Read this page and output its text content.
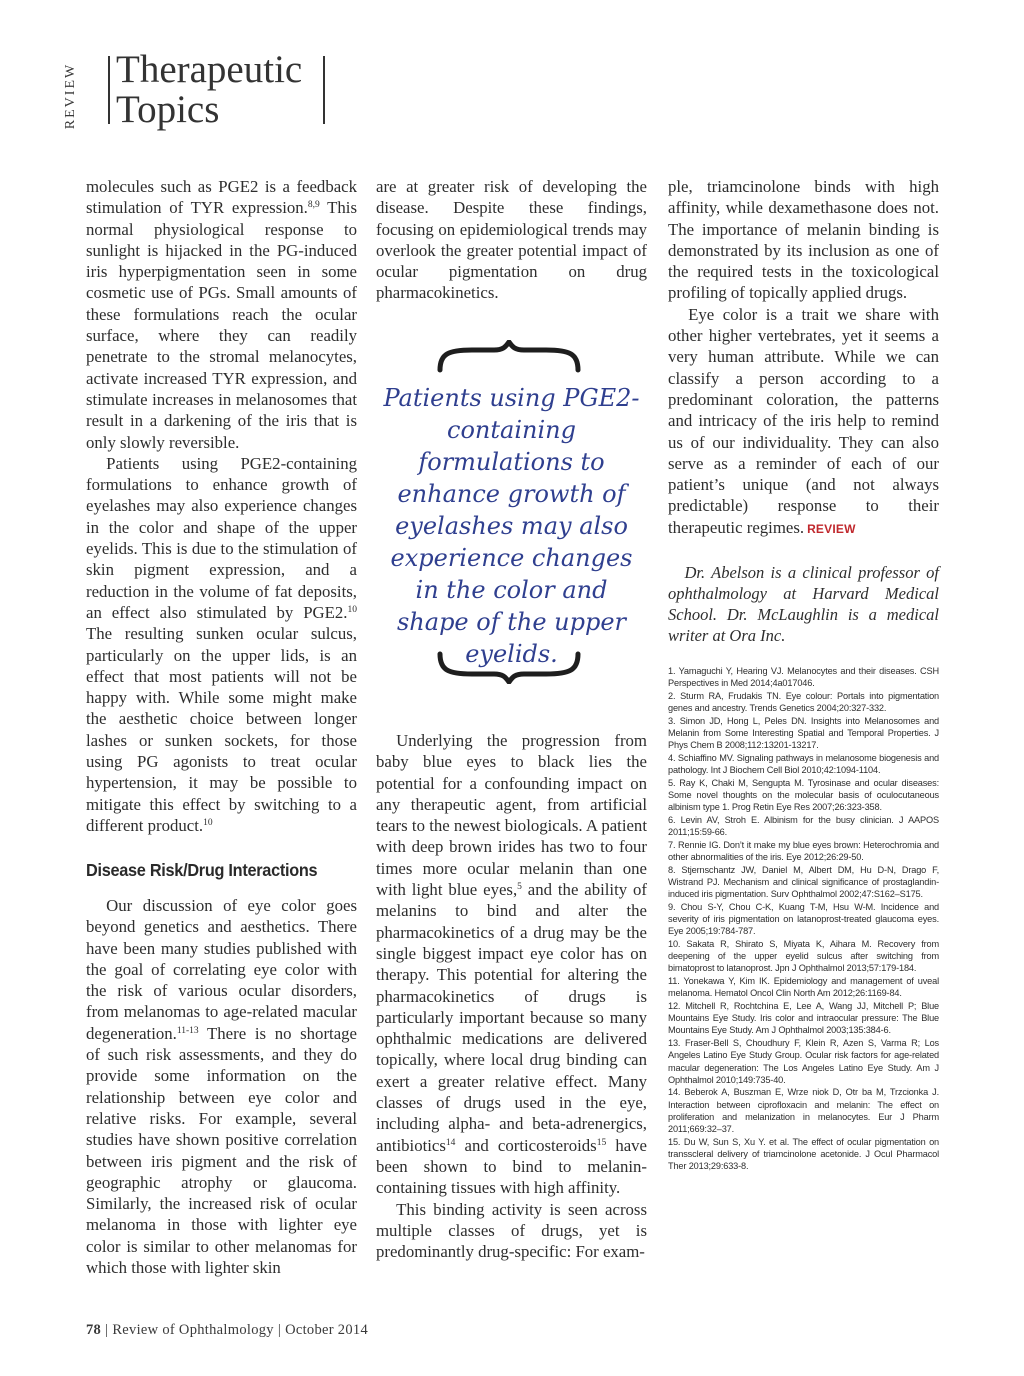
REVIEW Therapeutic
Topics

molecules such as PGE2 is a feedback stimulation of TYR expression.$^{8,9}$ This normal physiological response to sunlight is hijacked in the PG-induced iris hyperpigmentation seen in some cosmetic use of PGs. Small amounts of these formulations reach the ocular surface, where they can readily penetrate to the stromal melanocytes, activate increased TYR expression, and stimulate increases in melanosomes that result in a darkening of the iris that is only slowly reversible.

Patients using PGE2-containing formulations to enhance growth of eyelashes may also experience changes in the color and shape of the upper eyelids. This is due to the stimulation of skin pigment expression, and a reduction in the volume of fat deposits, an effect also stimulated by PGE2.10 The resulting sunken ocular sulcus, particularly on the upper lids, is an effect that most patients will not be happy with. While some might make the aesthetic choice between longer lashes or sunken sockets, for those using PG agonists to treat ocular hypertension, it may be possible to mitigate this effect by switching to a different product.$^{10}$

Disease Risk/Drug Interactions

Our discussion of eye color goes beyond genetics and aesthetics. There have been many studies published with the goal of correlating eye color with the risk of various ocular disorders, from melanomas to age-related macular degeneration.$^{11-13}$ There is no shortage of such risk assessments, and they do provide some information on the relationship between eye color and relative risks. For example, several studies have shown positive correlation between iris pigment and the risk of geographic atrophy or glaucoma. Similarly, the increased risk of ocular melanoma in those with lighter eye color is similar to other melanomas for which those with lighter skin

are at greater risk of developing the disease. Despite these findings, focusing on epidemiological trends may overlook the greater potential impact of ocular pigmentation on drug pharmacokinetics.

Patients using PGE2-containing formulations to enhance growth of eyelashes may also experience changes in the color and shape of the upper eyelids.

Underlying the progression from baby blue eyes to black lies the potential for a confounding impact on any therapeutic agent, from artificial tears to the newest biologicals. A patient with deep brown irides has two to four times more ocular melanin than one with light blue eyes,$^5$ and the ability of melanins to bind and alter the pharmacokinetics of a drug may be the single biggest impact eye color has on therapy. This potential for altering the pharmacokinetics of drugs is particularly important because so many ophthalmic medications are delivered topically, where local drug binding can exert a greater relative effect. Many classes of drugs used in the eye, including alpha- and beta-adrenergics, antibiotics$^{14}$ and corticosteroids$^{15}$ have been shown to bind to melanin-containing tissues with high affinity.

This binding activity is seen across multiple classes of drugs, yet is predominantly drug-specific: For exam-

ple, triamcinolone binds with high affinity, while dexamethasone does not. The importance of melanin binding is demonstrated by its inclusion as one of the required tests in the toxicological profiling of topically applied drugs.

Eye color is a trait we share with other higher vertebrates, yet it seems a very human attribute. While we can classify a person according to a predominant coloration, the patterns and intricacy of the iris help to remind us of our individuality. They can also serve as a reminder of each of our patient’s unique (and not always predictable) response to their therapeutic regimes. REVIEW

Dr. Abelson is a clinical professor of ophthalmology at Harvard Medical School. Dr. McLaughlin is a medical writer at Ora Inc.
1. Yamaguchi Y, Hearing VJ. Melanocytes and their diseases. CSH Perspectives in Med 2014;4a017046.
2. Sturm RA, Frudakis TN. Eye colour: Portals into pigmentation genes and ancestry. Trends Genetics 2004;20:327-332.
3. Simon JD, Hong L, Peles DN. Insights into Melanosomes and Melanin from Some Interesting Spatial and Temporal Properties. J Phys Chem B 2008;112:13201-13217.
4. Schiaffino MV. Signaling pathways in melanosome biogenesis and pathology. Int J Biochem Cell Biol 2010;42:1094-1104.
5. Ray K, Chaki M, Sengupta M. Tyrosinase and ocular diseases: Some novel thoughts on the molecular basis of oculocutaneous albinism type 1. Prog Retin Eye Res 2007;26:323-358.
6. Levin AV, Stroh E. Albinism for the busy clinician. J AAPOS 2011;15:59-66.
7. Rennie IG. Don’t it make my blue eyes brown: Heterochromia and other abnormalities of the iris. Eye 2012;26:29-50.
8. Stjernschantz JW, Daniel M, Albert DM, Hu D-N, Drago F, Wistrand PJ. Mechanism and clinical significance of prostaglandin-induced iris pigmentation. Surv Ophthalmol 2002;47:S162–S175.
9. Chou S-Y, Chou C-K, Kuang T-M, Hsu W-M. Incidence and severity of iris pigmentation on latanoprost-treated glaucoma eyes. Eye 2005;19:784-787.
10. Sakata R, Shirato S, Miyata K, Aihara M. Recovery from deepening of the upper eyelid sulcus after switching from bimatoprost to latanoprost. Jpn J Ophthalmol 2013;57:179-184.
11. Yonekawa Y, Kim IK. Epidemiology and management of uveal melanoma. Hematol Oncol Clin North Am 2012;26:1169-84.
12. Mitchell R, Rochtchina E, Lee A, Wang JJ, Mitchell P; Blue Mountains Eye Study. Iris color and intraocular pressure: The Blue Mountains Eye Study. Am J Ophthalmol 2003;135:384-6.
13. Fraser-Bell S, Choudhury F, Klein R, Azen S, Varma R; Los Angeles Latino Eye Study Group. Ocular risk factors for age-related macular degeneration: The Los Angeles Latino Eye Study. Am J Ophthalmol 2010;149:735-40.
14. Beberok A, Buszman E, Wrze niok D, Otr ba M, Trzcionka J. Interaction between ciprofloxacin and melanin: The effect on proliferation and melanization in melanocytes. Eur J Pharm 2011;669:32–37.
15. Du W, Sun S, Xu Y. et al. The effect of ocular pigmentation on transscleral delivery of triamcinolone acetonide. J Ocul Pharmacol Ther 2013;29:633-8.
78 | Review of Ophthalmology | October 2014
